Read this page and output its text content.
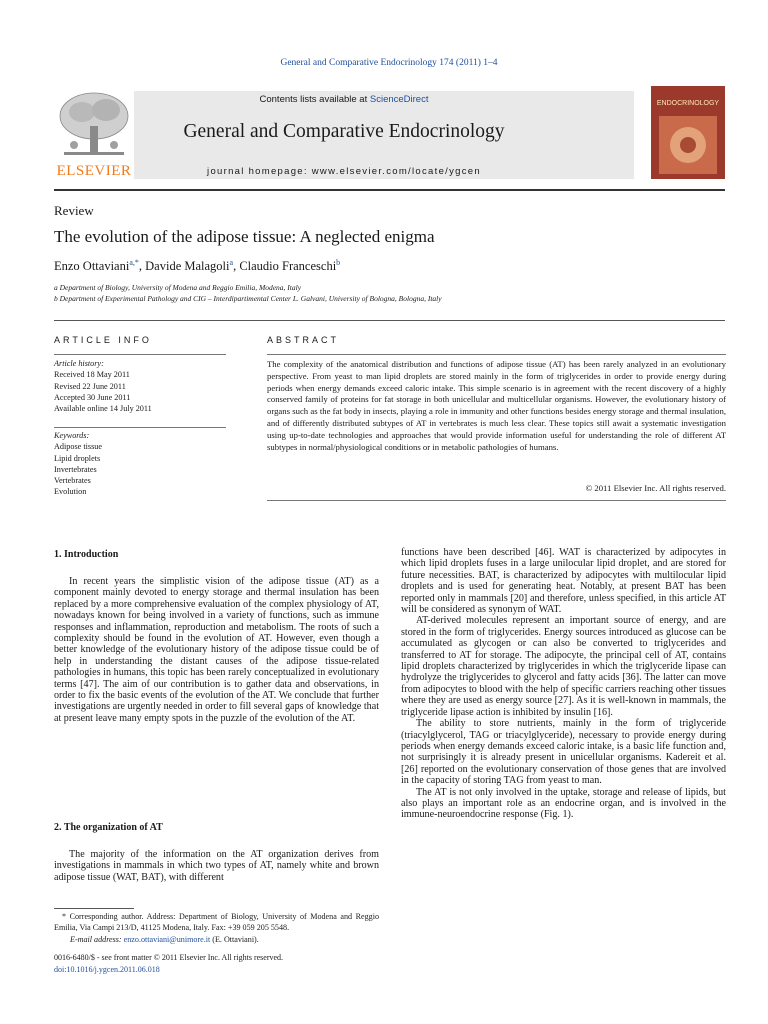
General and Comparative Endocrinology 174 (2011) 1–4
Contents lists available at ScienceDirect
General and Comparative Endocrinology
journal homepage: www.elsevier.com/locate/ygcen
ELSEVIER
ENDOCRINOLOGY
Review
The evolution of the adipose tissue: A neglected enigma
Enzo Ottaviani$^{a,*}$, Davide Malagoli$^a$, Claudio Franceschi$^b$
a Department of Biology, University of Modena and Reggio Emilia, Modena, Italy
b Department of Experimental Pathology and CIG – Interdipartimental Center L. Galvani, University of Bologna, Bologna, Italy
ARTICLE INFO
Article history:
Received 18 May 2011
Revised 22 June 2011
Accepted 30 June 2011
Available online 14 July 2011
Keywords:
Adipose tissue
Lipid droplets
Invertebrates
Vertebrates
Evolution
ABSTRACT
The complexity of the anatomical distribution and functions of adipose tissue (AT) has been rarely analyzed in an evolutionary perspective. From yeast to man lipid droplets are stored mainly in the form of triglycerides in order to provide energy during periods when energy demands exceed caloric intake. This simple scenario is in agreement with the recent discovery of a highly conserved family of proteins for fat storage in both unicellular and multicellular organisms. However, the evolutionary history of organs such as the fat body in insects, playing a role in immunity and other functions besides energy storage and thermal insulation, and of differently distributed subtypes of AT in vertebrates is much less clear. These topics still await a systematic investigation using up-to-date technologies and approaches that would provide information useful for understanding the role of different AT subtypes in normal/physiological conditions or in metabolic pathologies of humans.
© 2011 Elsevier Inc. All rights reserved.
1. Introduction

In recent years the simplistic vision of the adipose tissue (AT) as a component mainly devoted to energy storage and thermal insulation has been replaced by a more comprehensive evaluation of the complex physiology of AT, nowadays known for being involved in a variety of functions, such as immune responses and inflammation, reproduction and metabolism. The roots of such a complexity should be found in the evolution of AT. However, even though a better knowledge of the evolutionary history of the adipose tissue could be of help in understanding the distant causes of the adipose tissue-related pathologies in humans, this topic has been rarely conceptualized in evolutionary terms [47]. The aim of our contribution is to gather data and observations, in order to fix the basic events of the evolution of the AT. We conclude that further investigations are urgently needed in order to fill several gaps of knowledge that at present leave many empty spots in the puzzle of the evolution of the AT.

2. The organization of AT

The majority of the information on the AT organization derives from investigations in mammals in which two types of AT, namely white and brown adipose tissue (WAT, BAT), with different

functions have been described [46]. WAT is characterized by adipocytes in which lipid droplets fuses in a large unilocular lipid droplet, and are stored for future necessities. BAT, is characterized by adipocytes with multilocular lipid droplets and is used for generating heat. Notably, at present BAT has been reported only in mammals [20] and therefore, unless specified, in this article AT will be considered as synonym of WAT.

AT-derived molecules represent an important source of energy, and are stored in the form of triglycerides. Energy sources introduced as glucose can be accumulated as glycogen or can also be converted to triglycerides and transferred to AT for storage. The adipocyte, the principal cell of AT, contains lipid droplets characterized by triglycerides in which the triglyceride lipase can hydrolyze the triglycerides to glycerol and fatty acids [36]. The latter can move from adipocytes to blood with the help of specific carriers reaching other tissues where they are used as energy source [27]. As it is well-known in mammals, the triglyceride lipase action is inhibited by insulin [16].

The ability to store nutrients, mainly in the form of triglyceride (triacylglycerol, TAG or triacylglyceride), necessary to provide energy during periods when energy demands exceed caloric intake, is a basic life function and, not surprisingly it is already present in unicellular organisms. Kadereit et al. [26] reported on the evolutionary conservation of those genes that are involved in the capacity of storing TAG from yeast to man.

The AT is not only involved in the uptake, storage and release of lipids, but also plays an important role as an endocrine organ, and is involved in the immune-neuroendocrine response (Fig. 1).

* Corresponding author. Address: Department of Biology, University of Modena and Reggio Emilia, Via Campi 213/D, 41125 Modena, Italy. Fax: +39 059 205 5548.
E-mail address: enzo.ottaviani@unimore.it (E. Ottaviani).
0016-6480/$ - see front matter © 2011 Elsevier Inc. All rights reserved.
doi:10.1016/j.ygcen.2011.06.018
